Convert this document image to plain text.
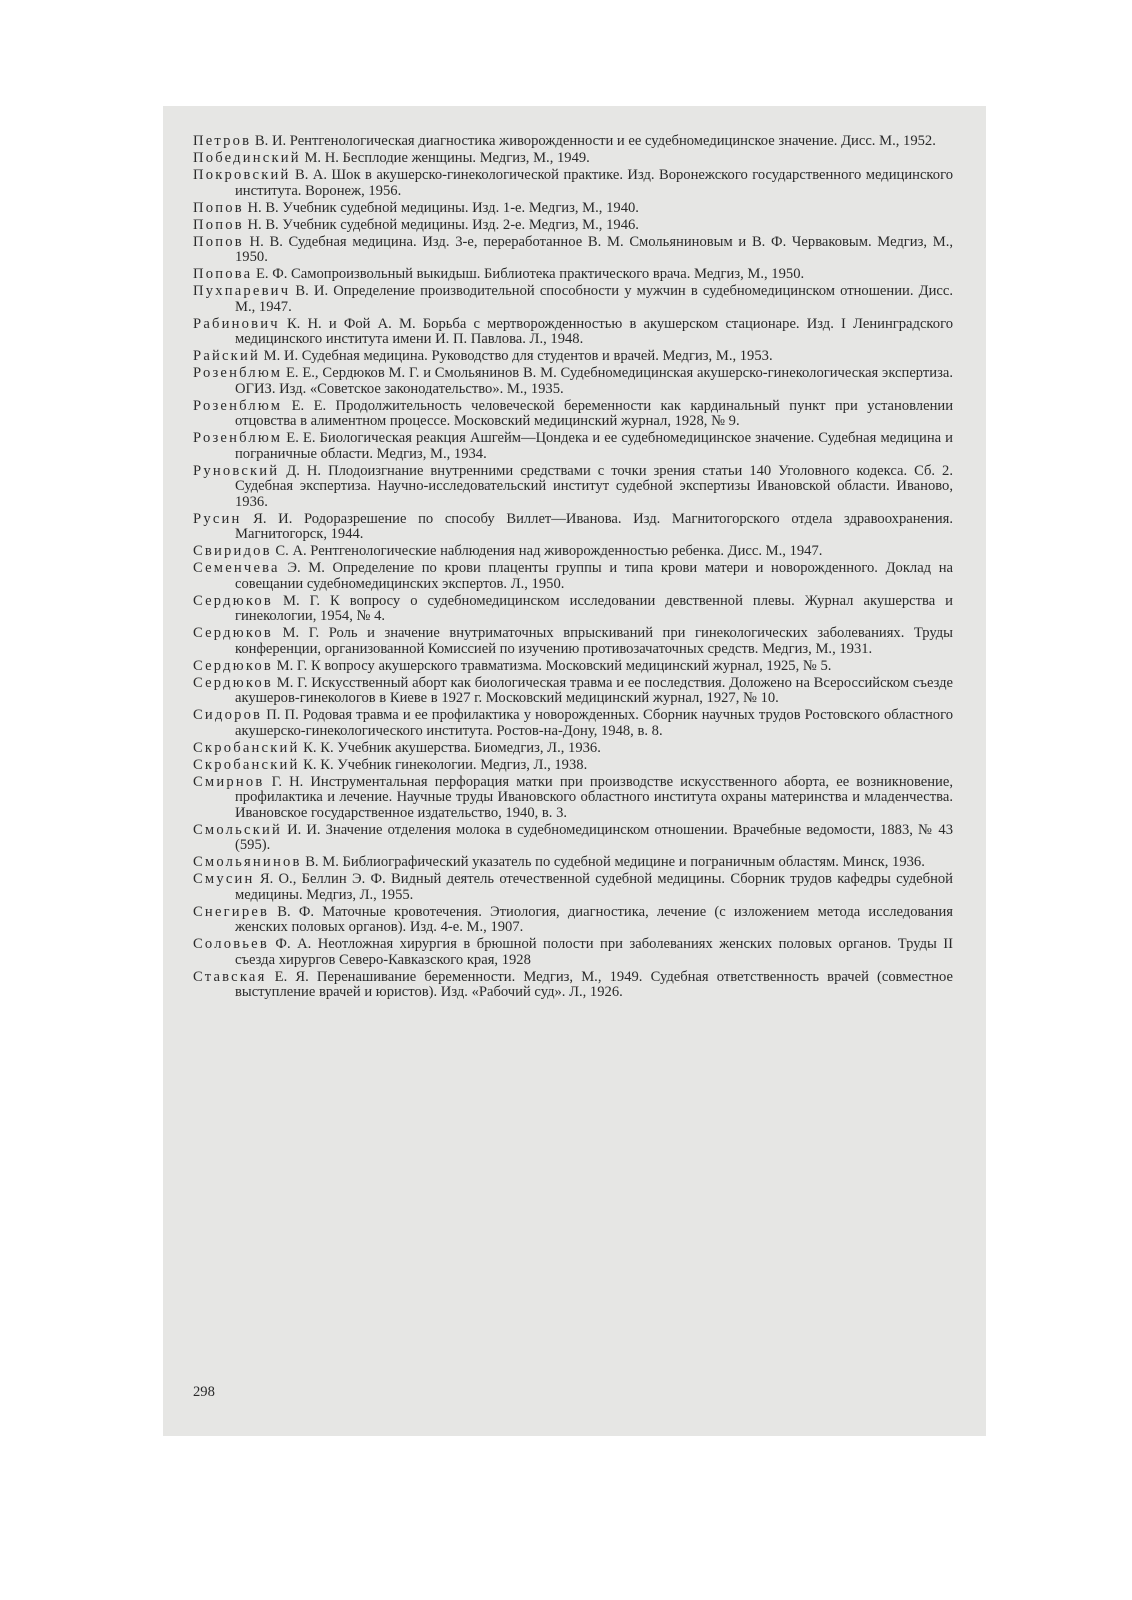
Петров В. И. Рентгенологическая диагностика живорожденности и ее судебномедицинское значение. Дисс. М., 1952.

Побединский М. Н. Бесплодие женщины. Медгиз, М., 1949.

Покровский В. А. Шок в акушерско-гинекологической практике. Изд. Воронежского государственного медицинского института. Воронеж, 1956.

Попов Н. В. Учебник судебной медицины. Изд. 1-е. Медгиз, М., 1940.

Попов Н. В. Учебник судебной медицины. Изд. 2-е. Медгиз, М., 1946.

Попов Н. В. Судебная медицина. Изд. 3-е, переработанное В. М. Смольяниновым и В. Ф. Черваковым. Медгиз, М., 1950.

Попова Е. Ф. Самопроизвольный выкидыш. Библиотека практического врача. Медгиз, М., 1950.

Пухпаревич В. И. Определение производительной способности у мужчин в судебномедицинском отношении. Дисс. М., 1947.

Рабинович К. Н. и Фой А. М. Борьба с мертворожденностью в акушерском стационаре. Изд. I Ленинградского медицинского института имени И. П. Павлова. Л., 1948.

Райский М. И. Судебная медицина. Руководство для студентов и врачей. Медгиз, М., 1953.

Розенблюм Е. Е., Сердюков М. Г. и Смольянинов В. М. Судебномедицинская акушерско-гинекологическая экспертиза. ОГИЗ. Изд. «Советское законодательство». М., 1935.

Розенблюм Е. Е. Продолжительность человеческой беременности как кардинальный пункт при установлении отцовства в алиментном процессе. Московский медицинский журнал, 1928, № 9.

Розенблюм Е. Е. Биологическая реакция Ашгейм—Цондека и ее судебномедицинское значение. Судебная медицина и пограничные области. Медгиз, М., 1934.

Руновский Д. Н. Плодоизгнание внутренними средствами с точки зрения статьи 140 Уголовного кодекса. Сб. 2. Судебная экспертиза. Научно-исследовательский институт судебной экспертизы Ивановской области. Иваново, 1936.

Русин Я. И. Родоразрешение по способу Виллет—Иванова. Изд. Магнитогорского отдела здравоохранения. Магнитогорск, 1944.

Свиридов С. А. Рентгенологические наблюдения над живорожденностью ребенка. Дисс. М., 1947.

Семенчева Э. М. Определение по крови плаценты группы и типа крови матери и новорожденного. Доклад на совещании судебномедицинских экспертов. Л., 1950.

Сердюков М. Г. К вопросу о судебномедицинском исследовании девственной плевы. Журнал акушерства и гинекологии, 1954, № 4.

Сердюков М. Г. Роль и значение внутриматочных впрыскиваний при гинекологических заболеваниях. Труды конференции, организованной Комиссией по изучению противозачаточных средств. Медгиз, М., 1931.

Сердюков М. Г. К вопросу акушерского травматизма. Московский медицинский журнал, 1925, № 5.

Сердюков М. Г. Искусственный аборт как биологическая травма и ее последствия. Доложено на Всероссийском съезде акушеров-гинекологов в Киеве в 1927 г. Московский медицинский журнал, 1927, № 10.

Сидоров П. П. Родовая травма и ее профилактика у новорожденных. Сборник научных трудов Ростовского областного акушерско-гинекологического института. Ростов-на-Дону, 1948, в. 8.

Скробанский К. К. Учебник акушерства. Биомедгиз, Л., 1936.

Скробанский К. К. Учебник гинекологии. Медгиз, Л., 1938.

Смирнов Г. Н. Инструментальная перфорация матки при производстве искусственного аборта, ее возникновение, профилактика и лечение. Научные труды Ивановского областного института охраны материнства и младенчества. Ивановское государственное издательство, 1940, в. 3.

Смольский И. И. Значение отделения молока в судебномедицинском отношении. Врачебные ведомости, 1883, № 43 (595).

Смольянинов В. М. Библиографический указатель по судебной медицине и пограничным областям. Минск, 1936.

Смусин Я. О., Беллин Э. Ф. Видный деятель отечественной судебной медицины. Сборник трудов кафедры судебной медицины. Медгиз, Л., 1955.

Снегирев В. Ф. Маточные кровотечения. Этиология, диагностика, лечение (с изложением метода исследования женских половых органов). Изд. 4-е. М., 1907.

Соловьев Ф. А. Неотложная хирургия в брюшной полости при заболеваниях женских половых органов. Труды II съезда хирургов Северо-Кавказского края, 1928

Ставская Е. Я. Перенашивание беременности. Медгиз, М., 1949. Судебная ответственность врачей (совместное выступление врачей и юристов). Изд. «Рабочий суд». Л., 1926.

298
